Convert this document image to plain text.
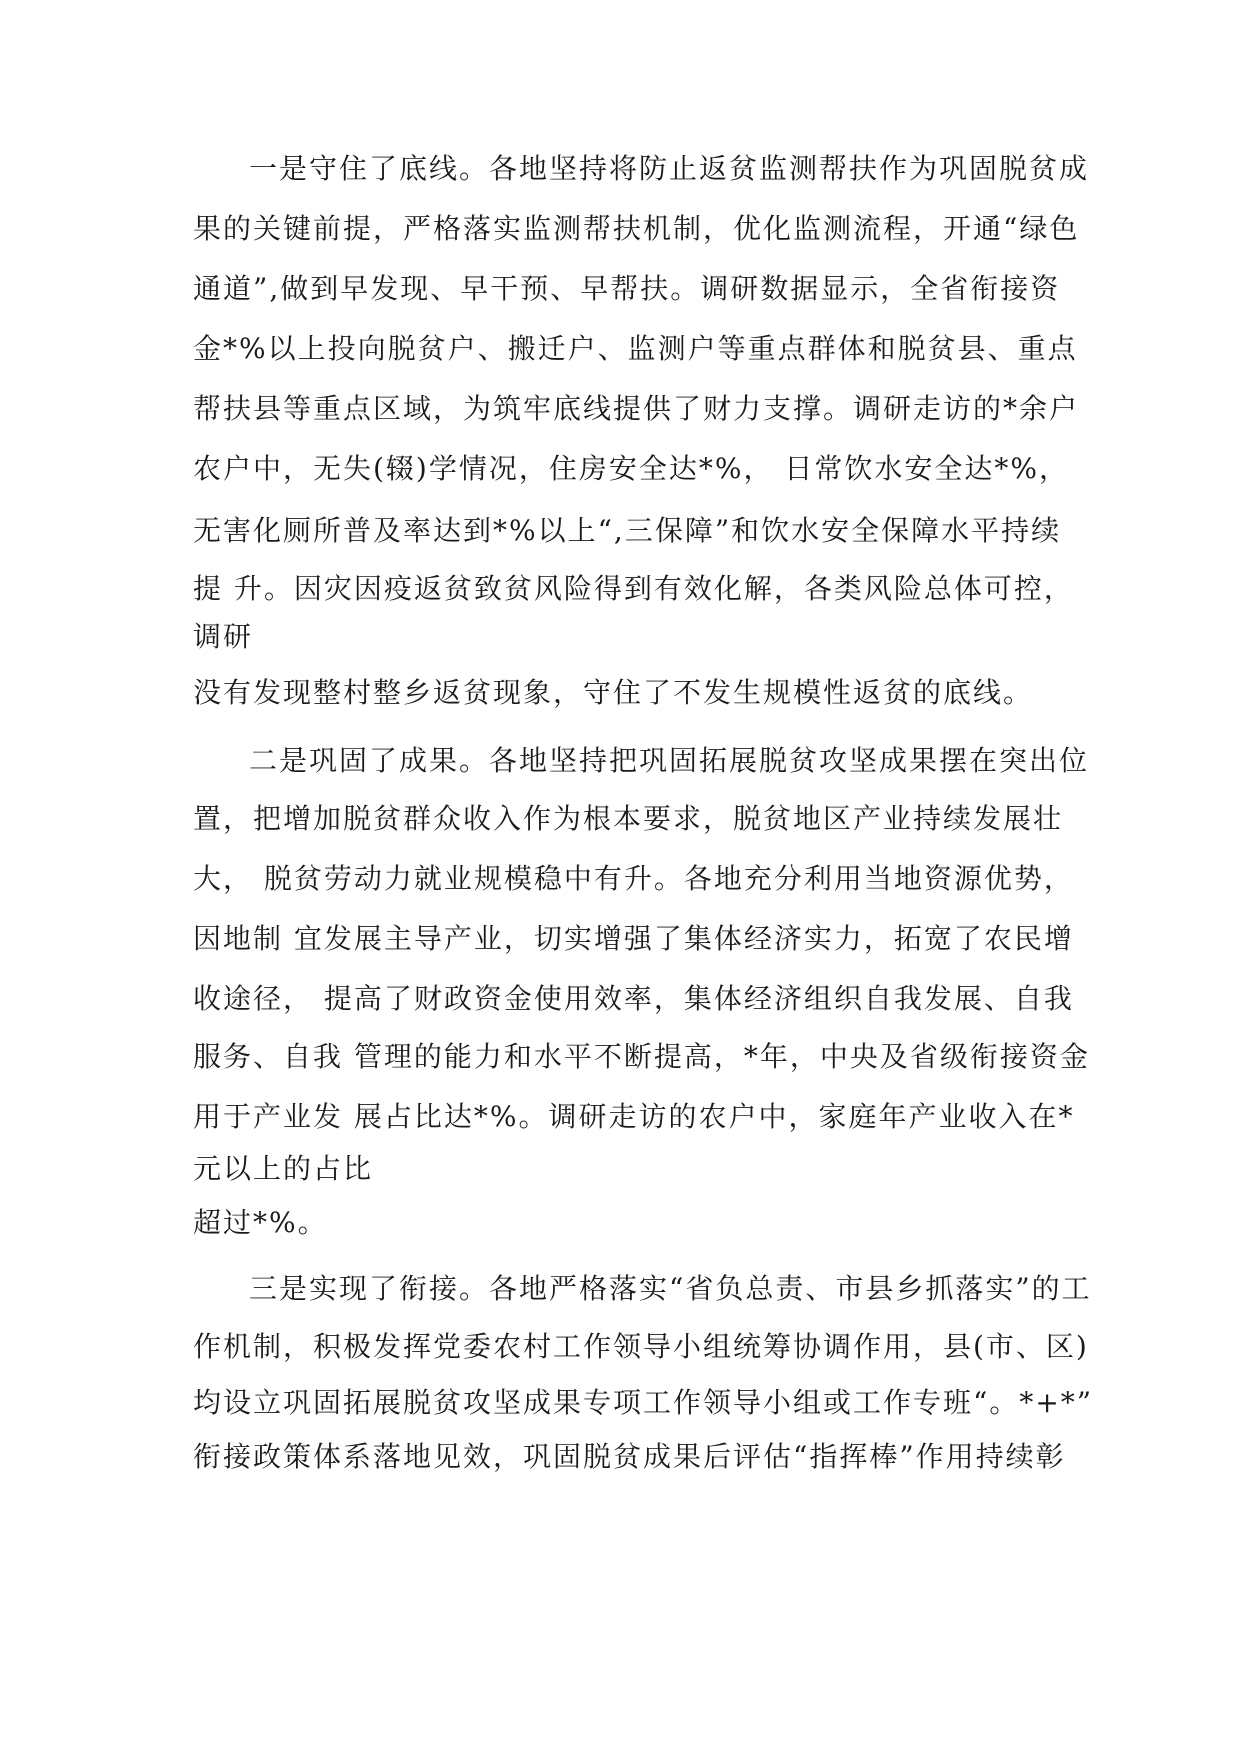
一是守住了底线。各地坚持将防止返贫监测帮扶作为巩固脱贫成
果的关键前提，严格落实监测帮扶机制，优化监测流程，开通“绿色
通道”,做到早发现、早干预、早帮扶。调研数据显示，全省衔接资
金*%以上投向脱贫户、搬迁户、监测户等重点群体和脱贫县、重点
帮扶县等重点区域，为筑牢底线提供了财力支撑。调研走访的*余户
农户中，无失(辍)学情况，住房安全达*%， 日常饮水安全达*%，
无害化厕所普及率达到*%以上“,三保障”和饮水安全保障水平持续
提 升。因灾因疫返贫致贫风险得到有效化解，各类风险总体可控，
调研
没有发现整村整乡返贫现象，守住了不发生规模性返贫的底线。
二是巩固了成果。各地坚持把巩固拓展脱贫攻坚成果摆在突出位
置，把增加脱贫群众收入作为根本要求，脱贫地区产业持续发展壮
大， 脱贫劳动力就业规模稳中有升。各地充分利用当地资源优势，
因地制 宜发展主导产业，切实增强了集体经济实力，拓宽了农民增
收途径， 提高了财政资金使用效率，集体经济组织自我发展、自我
服务、自我 管理的能力和水平不断提高，*年，中央及省级衔接资金
用于产业发 展占比达*%。调研走访的农户中，家庭年产业收入在*
元以上的占比
超过*%。
三是实现了衔接。各地严格落实“省负总责、市县乡抓落实”的工
作机制，积极发挥党委农村工作领导小组统筹协调作用，县(市、区)
均设立巩固拓展脱贫攻坚成果专项工作领导小组或工作专班“。*+*”
衔接政策体系落地见效，巩固脱贫成果后评估“指挥棒”作用持续彰
